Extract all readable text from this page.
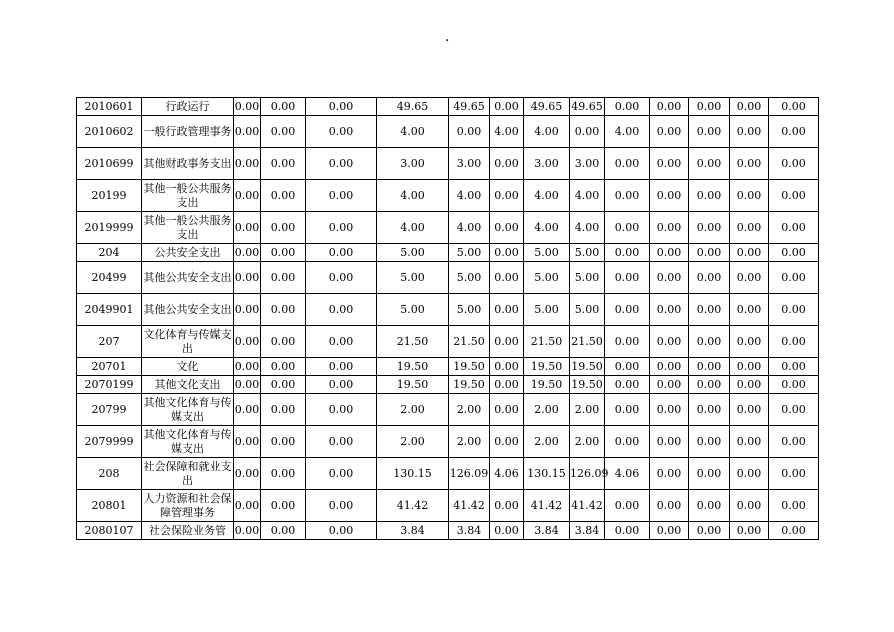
.
2010601	行政运行	0.00	0.00	0.00	49.65	49.65	0.00	49.65	49.65	0.00	0.00	0.00	0.00	0.00
2010602	一般行政管理事务	0.00	0.00	0.00	4.00	0.00	4.00	4.00	0.00	4.00	0.00	0.00	0.00	0.00
2010699	其他财政事务支出	0.00	0.00	0.00	3.00	3.00	0.00	3.00	3.00	0.00	0.00	0.00	0.00	0.00
20199	其他一般公共服务支出	0.00	0.00	0.00	4.00	4.00	0.00	4.00	4.00	0.00	0.00	0.00	0.00	0.00
2019999	其他一般公共服务支出	0.00	0.00	0.00	4.00	4.00	0.00	4.00	4.00	0.00	0.00	0.00	0.00	0.00
204	公共安全支出	0.00	0.00	0.00	5.00	5.00	0.00	5.00	5.00	0.00	0.00	0.00	0.00	0.00
20499	其他公共安全支出	0.00	0.00	0.00	5.00	5.00	0.00	5.00	5.00	0.00	0.00	0.00	0.00	0.00
2049901	其他公共安全支出	0.00	0.00	0.00	5.00	5.00	0.00	5.00	5.00	0.00	0.00	0.00	0.00	0.00
207	文化体育与传媒支出	0.00	0.00	0.00	21.50	21.50	0.00	21.50	21.50	0.00	0.00	0.00	0.00	0.00
20701	文化	0.00	0.00	0.00	19.50	19.50	0.00	19.50	19.50	0.00	0.00	0.00	0.00	0.00
2070199	其他文化支出	0.00	0.00	0.00	19.50	19.50	0.00	19.50	19.50	0.00	0.00	0.00	0.00	0.00
20799	其他文化体育与传媒支出	0.00	0.00	0.00	2.00	2.00	0.00	2.00	2.00	0.00	0.00	0.00	0.00	0.00
2079999	其他文化体育与传媒支出	0.00	0.00	0.00	2.00	2.00	0.00	2.00	2.00	0.00	0.00	0.00	0.00	0.00
208	社会保障和就业支出	0.00	0.00	0.00	130.15	126.09	4.06	130.15	126.09	4.06	0.00	0.00	0.00	0.00
20801	人力资源和社会保障管理事务	0.00	0.00	0.00	41.42	41.42	0.00	41.42	41.42	0.00	0.00	0.00	0.00	0.00
2080107	社会保险业务管	0.00	0.00	0.00	3.84	3.84	0.00	3.84	3.84	0.00	0.00	0.00	0.00	0.00
